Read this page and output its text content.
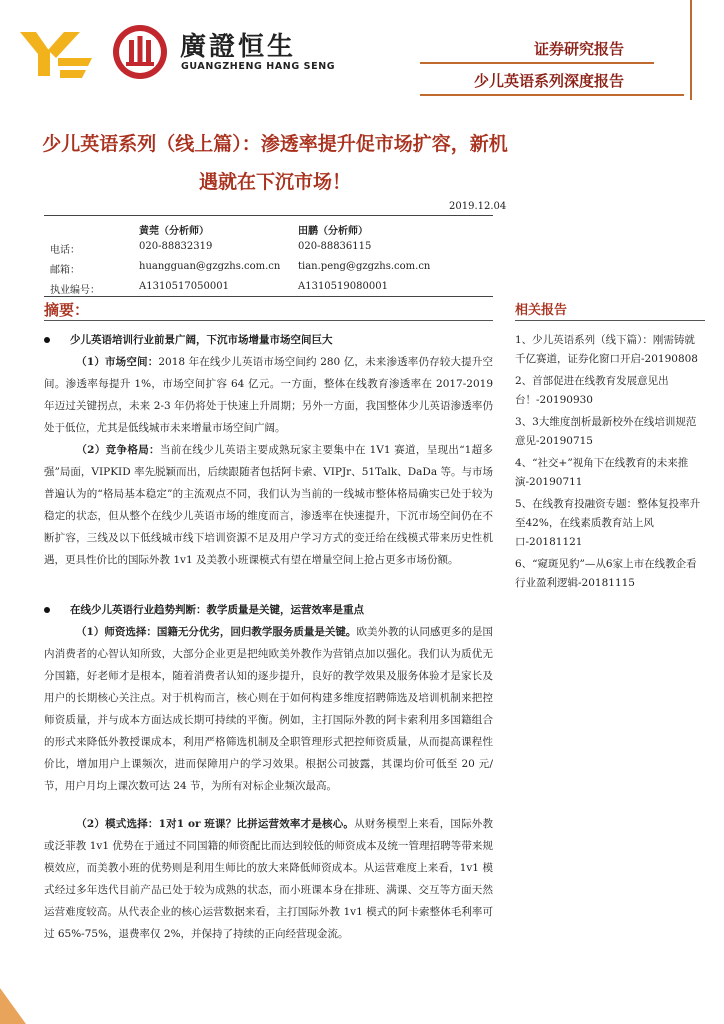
廣證恒生
GUANGZHENG HANG SENG
证券研究报告
少儿英语系列深度报告
少儿英语系列（线上篇）：渗透率提升促市场扩容，新机遇就在下沉市场！
2019.12.04
黄莞（分析师）	田鹏（分析师）
电话：	020-88832319	020-88836115
邮箱：	huangguan@gzgzhs.com.cn tian.peng@gzgzhs.com.cn
执业编号：	A1310517050001	A1310519080001
摘要：	相关报告
1、少儿英语系列（线下篇）：刚需铸就千亿赛道，证券化窗口开启-20190808
2、首部促进在线教育发展意见出台！-20190930
3、3大维度剖析最新校外在线培训规范意见-20190715
4、“社交+”视角下在线教育的未来推演-20190711
5、在线教育投融资专题：整体复投率升至42%，在线素质教育站上风口-20181121
6、“窥斑见豹”—从6家上市在线教企看行业盈利逻辑-20181115
少儿英语培训行业前景广阔，下沉市场增量市场空间巨大
（1）市场空间：2018 年在线少儿英语市场空间约 280 亿，未来渗透率仍存较大提升空间。渗透率每提升 1%，市场空间扩容 64 亿元。一方面，整体在线教育渗透率在 2017-2019 年迈过关键拐点，未来 2-3 年仍将处于快速上升周期；另外一方面，我国整体少儿英语渗透率仍处于低位，尤其是低线城市未来增量市场空间广阔。
（2）竞争格局：当前在线少儿英语主要成熟玩家主要集中在 1V1 赛道，呈现出“1超多强”局面，VIPKID 率先脱颖而出，后续跟随者包括阿卡索、VIPJr、51Talk、DaDa 等。与市场普遍认为的“格局基本稳定”的主流观点不同，我们认为当前的一线城市整体格局确实已处于较为稳定的状态，但从整个在线少儿英语市场的维度而言，渗透率在快速提升，下沉市场空间仍在不断扩容，三线及以下低线城市线下培训资源不足及用户学习方式的变迁给在线模式带来历史性机遇，更具性价比的国际外教 1v1 及美教小班课模式有望在增量空间上抢占更多市场份额。
在线少儿英语行业趋势判断：教学质量是关键，运营效率是重点
（1）师资选择：国籍无分优劣，回归教学服务质量是关键。欧美外教的认同感更多的是国内消费者的心智认知所致，大部分企业更是把纯欧美外教作为营销点加以强化。我们认为质优无分国籍，好老师才是根本，随着消费者认知的逐步提升，良好的教学效果及服务体验才是家长及用户的长期核心关注点。对于机构而言，核心则在于如何构建多维度招聘筛选及培训机制来把控师资质量，并与成本方面达成长期可持续的平衡。例如，主打国际外教的阿卡索利用多国籍组合的形式来降低外教授课成本，利用严格筛选机制及全职管理形式把控师资质量，从而提高课程性价比，增加用户上课频次，进而保障用户的学习效果。根据公司披露，其课均价可低至 20 元/节，用户月均上课次数可达 24 节，为所有对标企业频次最高。
（2）模式选择：1对1 or 班课？比拼运营效率才是核心。从财务模型上来看，国际外教或泛菲教 1v1 优势在于通过不同国籍的师资配比而达到较低的师资成本及统一管理招聘等带来规模效应，而美教小班的优势则是利用生师比的放大来降低师资成本。从运营难度上来看，1v1 模式经过多年迭代目前产品已处于较为成熟的状态，而小班课本身在排班、满课、交互等方面天然运营难度较高。从代表企业的核心运营数据来看，主打国际外教 1v1 模式的阿卡索整体毛利率可过 65%-75%，退费率仅 2%，并保持了持续的正向经营现金流。
